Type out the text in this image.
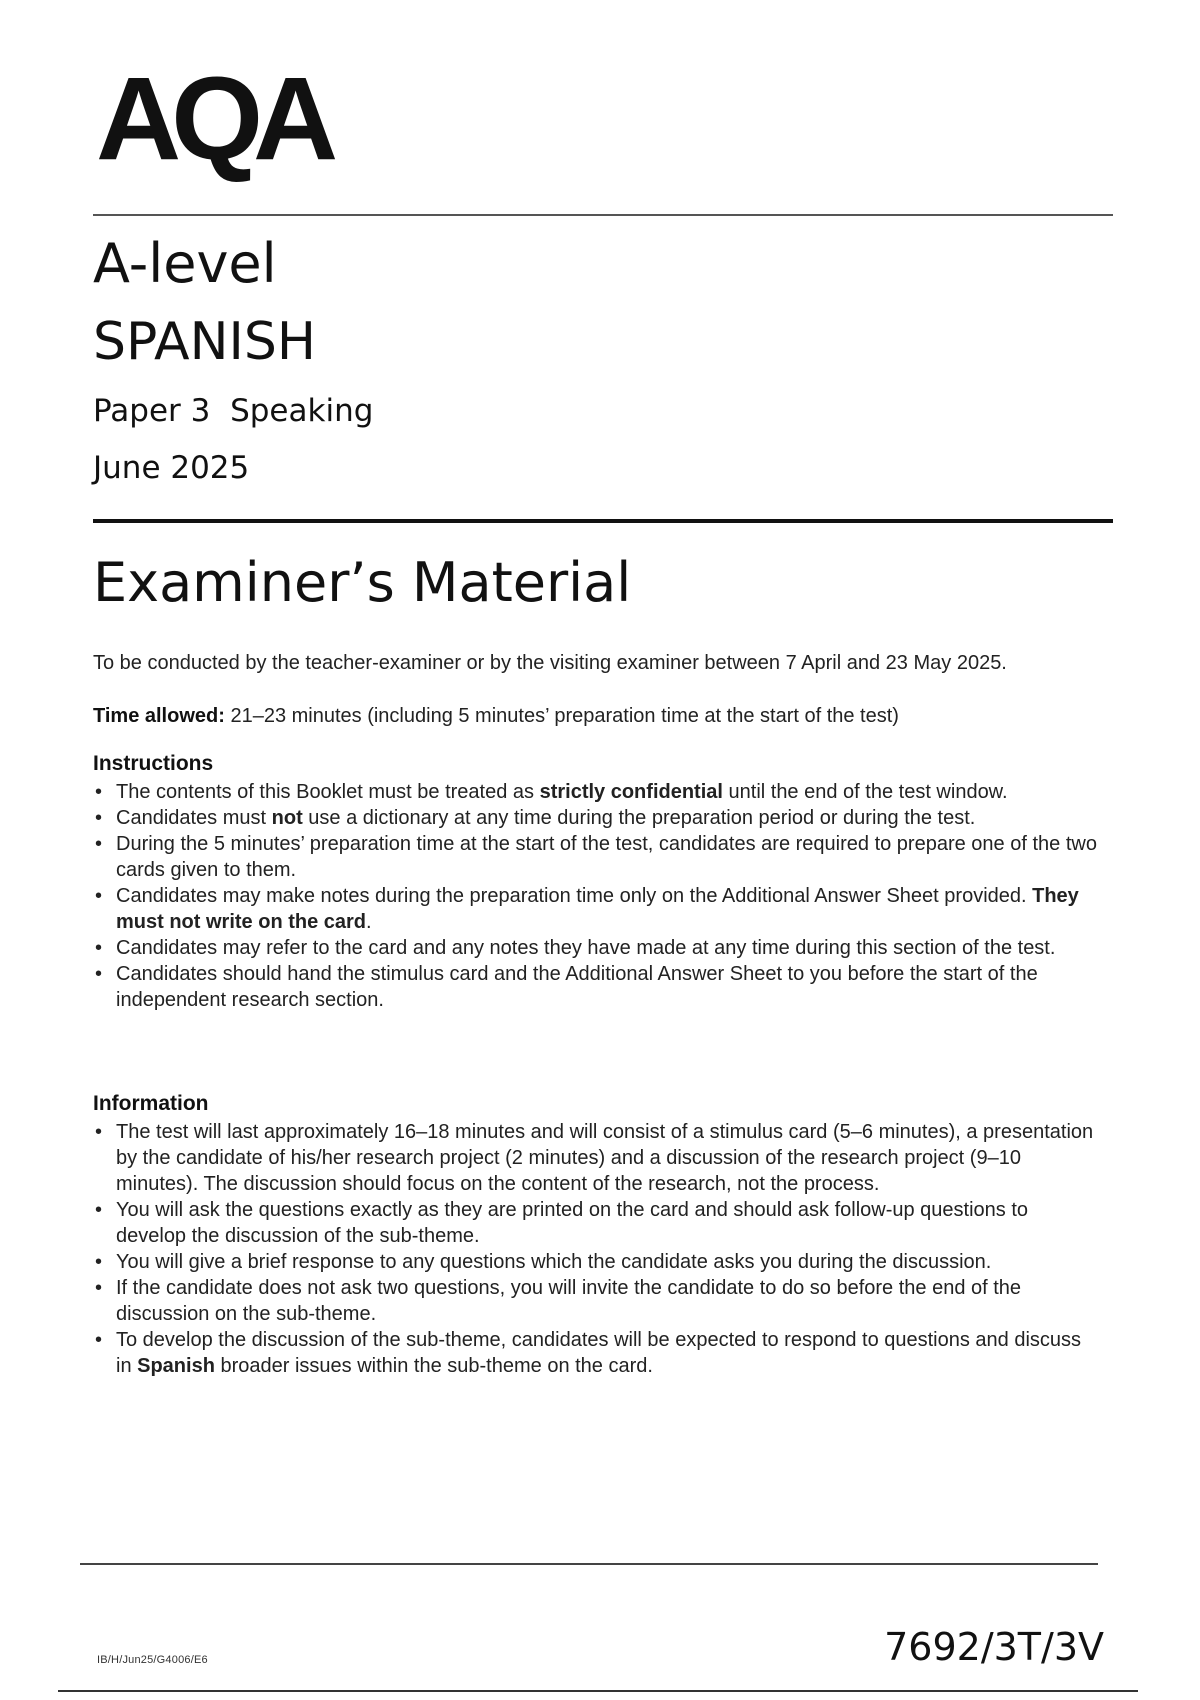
AQA
A-level
SPANISH
Paper 3  Speaking
June 2025
Examiner’s Material
To be conducted by the teacher-examiner or by the visiting examiner between 7 April and 23 May 2025.
Time allowed: 21–23 minutes (including 5 minutes’ preparation time at the start of the test)
Instructions
• The contents of this Booklet must be treated as strictly confidential until the end of the test window.
• Candidates must not use a dictionary at any time during the preparation period or during the test.
• During the 5 minutes’ preparation time at the start of the test, candidates are required to prepare one of the two cards given to them.
• Candidates may make notes during the preparation time only on the Additional Answer Sheet provided. They must not write on the card.
• Candidates may refer to the card and any notes they have made at any time during this section of the test.
• Candidates should hand the stimulus card and the Additional Answer Sheet to you before the start of the independent research section.
Information
• The test will last approximately 16–18 minutes and will consist of a stimulus card (5–6 minutes), a presentation by the candidate of his/her research project (2 minutes) and a discussion of the research project (9–10 minutes). The discussion should focus on the content of the research, not the process.
• You will ask the questions exactly as they are printed on the card and should ask follow-up questions to develop the discussion of the sub-theme.
• You will give a brief response to any questions which the candidate asks you during the discussion.
• If the candidate does not ask two questions, you will invite the candidate to do so before the end of the discussion on the sub-theme.
• To develop the discussion of the sub-theme, candidates will be expected to respond to questions and discuss in Spanish broader issues within the sub-theme on the card.
IB/H/Jun25/G4006/E6	7692/3T/3V
